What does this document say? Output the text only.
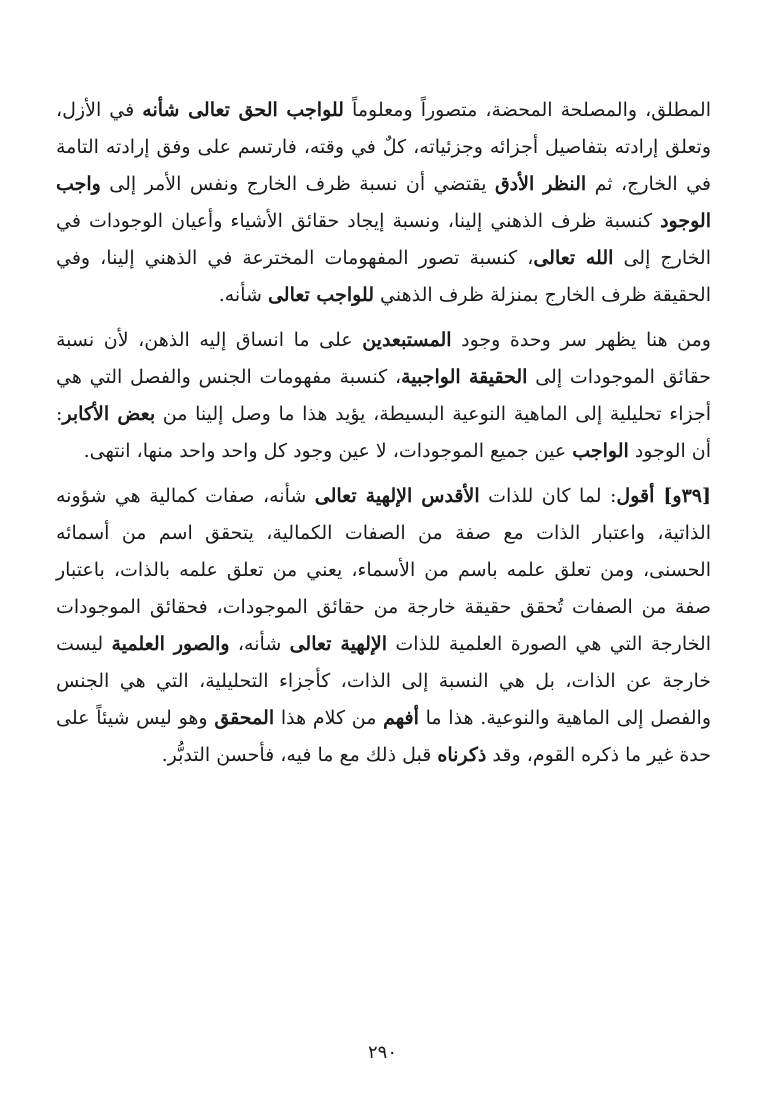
المطلق، والمصلحة المحضة، متصوراً ومعلوماً للواجب الحق تعالى شأنه في الأزل، وتعلق إرادته بتفاصيل أجزائه وجزئياته، كلٌ في وقته، فارتسم على وفق إرادته التامة في الخارج، ثم النظر الأدق يقتضي أن نسبة ظرف الخارج ونفس الأمر إلى واجب الوجود كنسبة ظرف الذهني إلينا، ونسبة إيجاد حقائق الأشياء وأعيان الوجودات في الخارج إلى الله تعالى، كنسبة تصور المفهومات المخترعة في الذهني إلينا، وفي الحقيقة ظرف الخارج بمنزلة ظرف الذهني للواجب تعالى شأنه.

ومن هنا يظهر سر وحدة وجود المستبعدين على ما انساق إليه الذهن، لأن نسبة حقائق الموجودات إلى الحقيقة الواجبية، كنسبة مفهومات الجنس والفصل التي هي أجزاء تحليلية إلى الماهية النوعية البسيطة، يؤيد هذا ما وصل إلينا من بعض الأكابر: أن الوجود الواجب عين جميع الموجودات، لا عين وجود كل واحد واحد منها، انتهى.

[٣٩و] أقول: لما كان للذات الأقدس الإلهية تعالى شأنه، صفات كمالية هي شؤونه الذاتية، واعتبار الذات مع صفة من الصفات الكمالية، يتحقق اسم من أسمائه الحسنى، ومن تعلق علمه باسم من الأسماء، يعني من تعلق علمه بالذات، باعتبار صفة من الصفات تُحقق حقيقة خارجة من حقائق الموجودات، فحقائق الموجودات الخارجة التي هي الصورة العلمية للذات الإلهية تعالى شأنه، والصور العلمية ليست خارجة عن الذات، بل هي النسبة إلى الذات، كأجزاء التحليلية، التي هي الجنس والفصل إلى الماهية والنوعية. هذا ما أفهم من كلام هذا المحقق وهو ليس شيئاً على حدة غير ما ذكره القوم، وقد ذكرناه قبل ذلك مع ما فيه، فأحسن التدبُّر.

٢٩٠
